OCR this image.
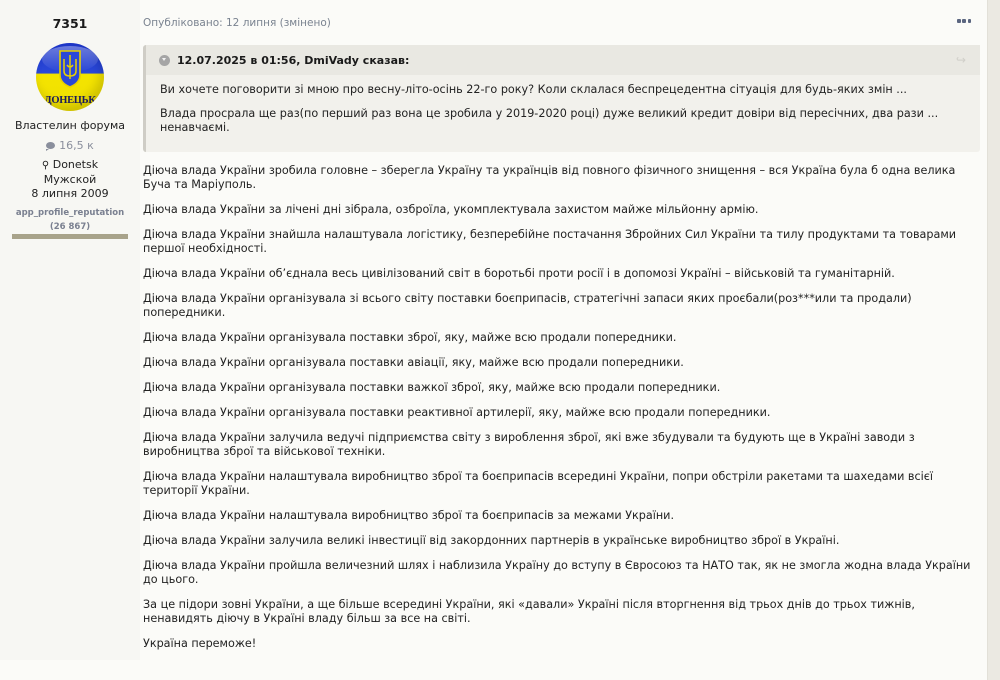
7351
ДОНЕЦЬК
Властелин форума
16,5 к
⚲ Donetsk
Мужской
8 липня 2009
app_profile_reputation
(26 867)
Опубліковано: 12 липня (змінено)
12.07.2025 в 01:56, DmiVady сказав:	↪

Ви хочете поговорити зі мною про весну-літо-осінь 22-го року? Коли склалася беспрецедентна сітуація для будь-яких змін ...

Влада просрала ще раз(по перший раз вона це зробила у 2019-2020 році) дуже великий кредит довіри від пересічних, два рази ... ненавчаємі.

Діюча влада України зробила головне – зберегла Україну та українців від повного фізичного знищення – вся Україна була б одна велика Буча та Маріуполь.

Діюча влада України за лічені дні зібрала, озброїла, укомплектувала захистом майже мільйонну армію.

Діюча влада України знайшла налаштувала логістику, безперебійне постачання Збройних Сил України та тилу продуктами та товарами першої необхідності.

Діюча влада України об’єднала весь цивілізований світ в боротьбі проти росії і в допомозі Україні – військовій та гуманітарній.

Діюча влада України організувала зі всього світу поставки боєприпасів, стратегічні запаси яких проєбали(роз***или та продали) попередники.

Діюча влада України організувала поставки зброї, яку, майже всю продали попередники.

Діюча влада України організувала поставки авіації, яку, майже всю продали попередники.

Діюча влада України організувала поставки важкої зброї, яку, майже всю продали попередники.

Діюча влада України організувала поставки реактивної артилерії, яку, майже всю продали попередники.

Діюча влада України залучила ведучі підприємства світу з вироблення зброї, які вже збудували та будують ще в Україні заводи з виробництва зброї та військової техніки.

Діюча влада України налаштувала виробництво зброї та боєприпасів всередині України, попри обстріли ракетами та шахедами всієї території України.

Діюча влада України налаштувала виробництво зброї та боєприпасів за межами України.

Діюча влада України залучила великі інвестиції від закордонних партнерів в українське виробництво зброї в Україні.

Діюча влада України пройшла величезний шлях і наблизила Україну до вступу в Євросоюз та НАТО так, як не змогла жодна влада України до цього.

За це підори зовні України, а ще більше всередині України, які «давали» Україні після вторгнення від трьох днів до трьох тижнів, ненавидять діючу в Україні владу більш за все на світі.

Україна переможе!
